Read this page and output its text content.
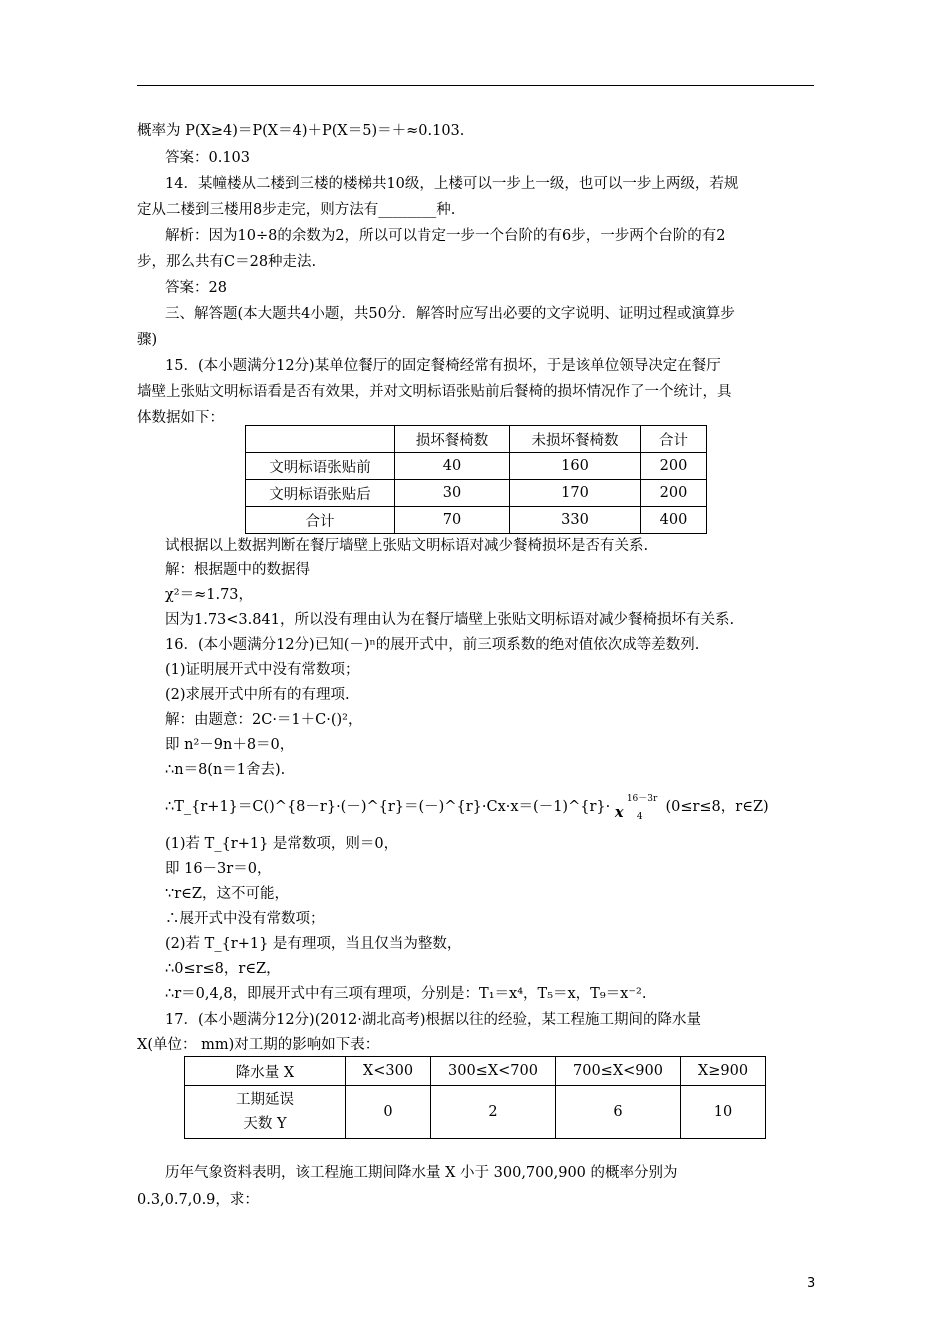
概率为 P(X≥4)＝P(X＝4)＋P(X＝5)＝＋≈0.103.
答案：0.103
14．某幢楼从二楼到三楼的楼梯共10级，上楼可以一步上一级，也可以一步上两级，若规
定从二楼到三楼用8步走完，则方法有________种.
解析：因为10÷8的余数为2，所以可以肯定一步一个台阶的有6步，一步两个台阶的有2
步，那么共有C＝28种走法.
答案：28
三、解答题(本大题共4小题，共50分．解答时应写出必要的文字说明、证明过程或演算步
骤)
15．(本小题满分12分)某单位餐厅的固定餐椅经常有损坏，于是该单位领导决定在餐厅
墙壁上张贴文明标语看是否有效果，并对文明标语张贴前后餐椅的损坏情况作了一个统计，具
体数据如下：
	损坏餐椅数	未损坏餐椅数	合计
文明标语张贴前	40	160	200
文明标语张贴后	30	170	200
合计	70	330	400
试根据以上数据判断在餐厅墙壁上张贴文明标语对减少餐椅损坏是否有关系.
解：根据题中的数据得
χ²＝≈1.73，
因为1.73<3.841，所以没有理由认为在餐厅墙壁上张贴文明标语对减少餐椅损坏有关系.
16．(本小题满分12分)已知(－)ⁿ的展开式中，前三项系数的绝对值依次成等差数列.
(1)证明展开式中没有常数项；
(2)求展开式中所有的有理项.
解：由题意：2C·＝1＋C·()²，
即 n²－9n＋8＝0，
∴n＝8(n＝1舍去).
∴T_{r+1}＝C()^{8－r}·(－)^{r}＝(－)^{r}·Cx·x＝(－1)^{r}· 16－3r
x 4
(0≤r≤8，r∈Z)
(1)若 T_{r+1} 是常数项，则＝0，
即 16－3r＝0，
∵r∈Z，这不可能，
∴展开式中没有常数项；
(2)若 T_{r+1} 是有理项，当且仅当为整数，
∴0≤r≤8，r∈Z，
∴r＝0,4,8，即展开式中有三项有理项，分别是：T₁＝x⁴，T₅＝x，T₉＝x⁻².
17．(本小题满分12分)(2012·湖北高考)根据以往的经验，某工程施工期间的降水量
X(单位： mm)对工期的影响如下表：
降水量 X	X<300	300≤X<700	700≤X<900	X≥900

工期延误
天数 Y	0	2	6	10
历年气象资料表明，该工程施工期间降水量 X 小于 300,700,900 的概率分别为
0.3,0.7,0.9，求：
3
